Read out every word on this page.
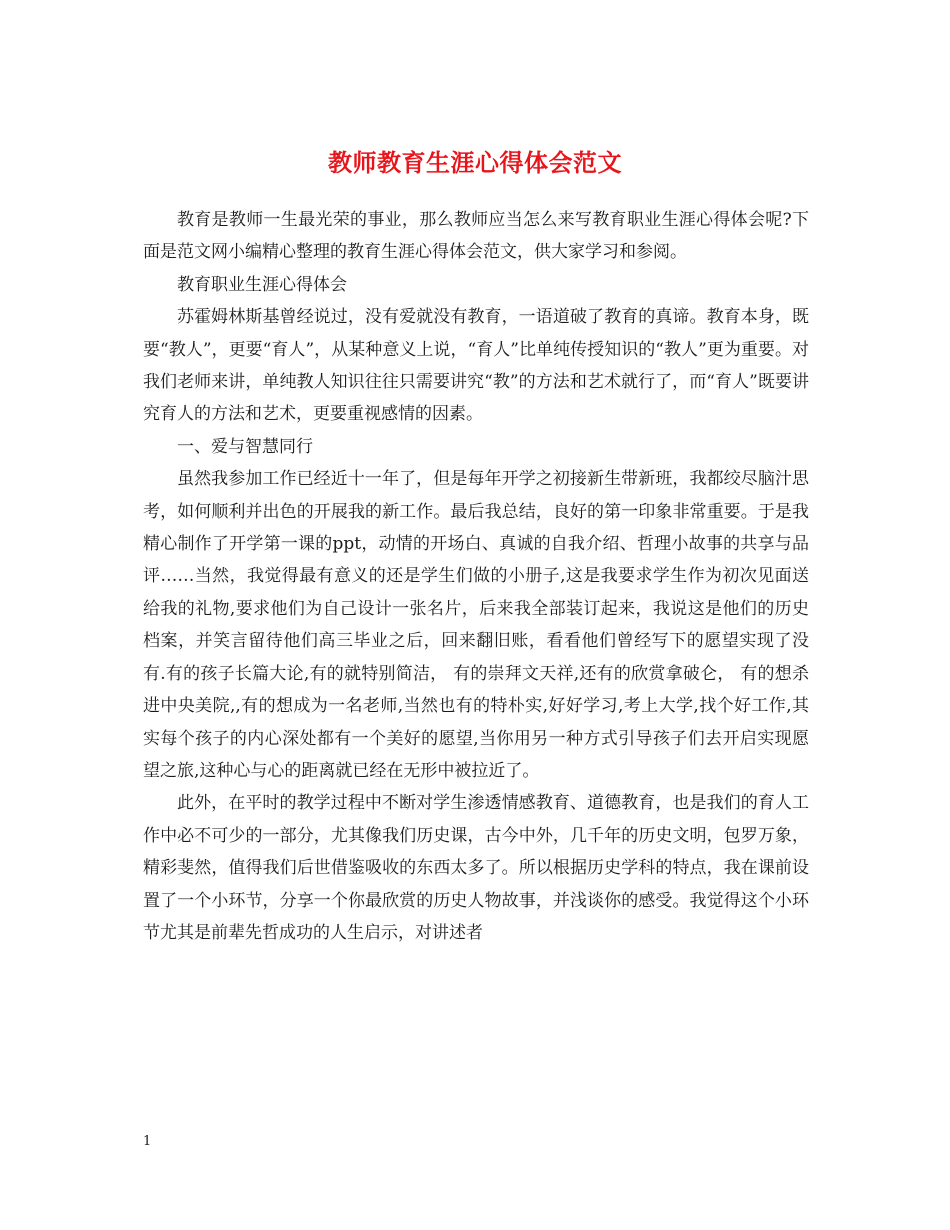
教师教育生涯心得体会范文

教育是教师一生最光荣的事业，那么教师应当怎么来写教育职业生涯心得体会呢?下面是范文网小编精心整理的教育生涯心得体会范文，供大家学习和参阅。

教育职业生涯心得体会

苏霍姆林斯基曾经说过，没有爱就没有教育，一语道破了教育的真谛。教育本身，既要“教人”，更要“育人”，从某种意义上说，“育人”比单纯传授知识的“教人”更为重要。对我们老师来讲，单纯教人知识往往只需要讲究“教”的方法和艺术就行了，而“育人”既要讲究育人的方法和艺术，更要重视感情的因素。

一、爱与智慧同行

虽然我参加工作已经近十一年了，但是每年开学之初接新生带新班，我都绞尽脑汁思考，如何顺利并出色的开展我的新工作。最后我总结，良好的第一印象非常重要。于是我精心制作了开学第一课的ppt，动情的开场白、真诚的自我介绍、哲理小故事的共享与品评……当然，我觉得最有意义的还是学生们做的小册子,这是我要求学生作为初次见面送给我的礼物,要求他们为自己设计一张名片，后来我全部装订起来，我说这是他们的历史档案，并笑言留待他们高三毕业之后，回来翻旧账，看看他们曾经写下的愿望实现了没有.有的孩子长篇大论,有的就特别简洁， 有的崇拜文天祥,还有的欣赏拿破仑， 有的想杀进中央美院,,有的想成为一名老师,当然也有的特朴实,好好学习,考上大学,找个好工作,其实每个孩子的内心深处都有一个美好的愿望,当你用另一种方式引导孩子们去开启实现愿望之旅,这种心与心的距离就已经在无形中被拉近了。

此外，在平时的教学过程中不断对学生渗透情感教育、道德教育，也是我们的育人工作中必不可少的一部分，尤其像我们历史课，古今中外，几千年的历史文明，包罗万象，精彩斐然，值得我们后世借鉴吸收的东西太多了。所以根据历史学科的特点，我在课前设置了一个小环节，分享一个你最欣赏的历史人物故事，并浅谈你的感受。我觉得这个小环节尤其是前辈先哲成功的人生启示，对讲述者

1
